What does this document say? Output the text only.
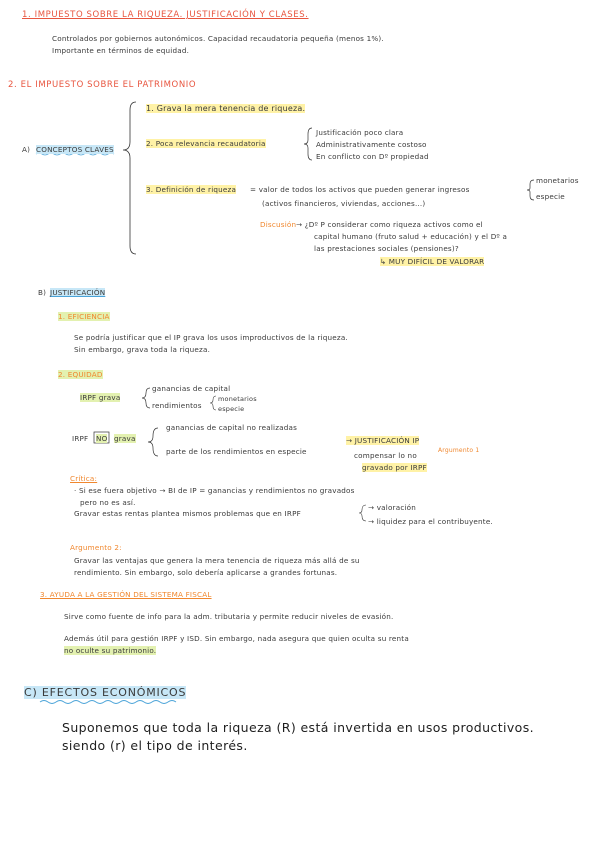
1. IMPUESTO SOBRE LA RIQUEZA. JUSTIFICACIÓN Y CLASES.
Controlados por gobiernos autonómicos. Capacidad recaudatoria pequeña (menos 1%).
Importante en términos de equidad.
2. EL IMPUESTO SOBRE EL PATRIMONIO
A) CONCEPTOS CLAVES
1. Grava la mera tenencia de riqueza.
2. Poca relevancia recaudatoria
Justificación poco clara
Administrativamente costoso
En conflicto con Dº propiedad
3. Definición de riqueza = valor de todos los activos que pueden generar ingresos
monetarios
especie
(activos financieros, viviendas, acciones...)
Discusión → ¿Dº P considerar como riqueza activos como el
capital humano (fruto salud + educación) y el Dº a
las prestaciones sociales (pensiones)?
↳ MUY DIFÍCIL DE VALORAR
B) JUSTIFICACIÓN
1. EFICIENCIA
Se podría justificar que el IP grava los usos improductivos de la riqueza.
Sin embargo, grava toda la riqueza.
2. EQUIDAD
IRPF grava
ganancias de capital
rendimientos
monetarios
especie
IRPF NO grava
ganancias de capital no realizadas
parte de los rendimientos en especie
→ JUSTIFICACIÓN IP
Argumento 1
compensar lo no
gravado por IRPF
Crítica:
· Si ese fuera objetivo → BI de IP = ganancias y rendimientos no gravados
pero no es así.
Gravar estas rentas plantea mismos problemas que en IRPF
→ valoración
→ liquidez para el contribuyente.
Argumento 2:
Gravar las ventajas que genera la mera tenencia de riqueza más allá de su
rendimiento. Sin embargo, solo debería aplicarse a grandes fortunas.
3. AYUDA A LA GESTIÓN DEL SISTEMA FISCAL
Sirve como fuente de info para la adm. tributaria y permite reducir niveles de evasión.
Además útil para gestión IRPF y ISD. Sin embargo, nada asegura que quien oculta su renta
no oculte su patrimonio.
C) EFECTOS ECONÓMICOS
Suponemos que toda la riqueza (R) está invertida en usos productivos.
siendo (r) el tipo de interés.
